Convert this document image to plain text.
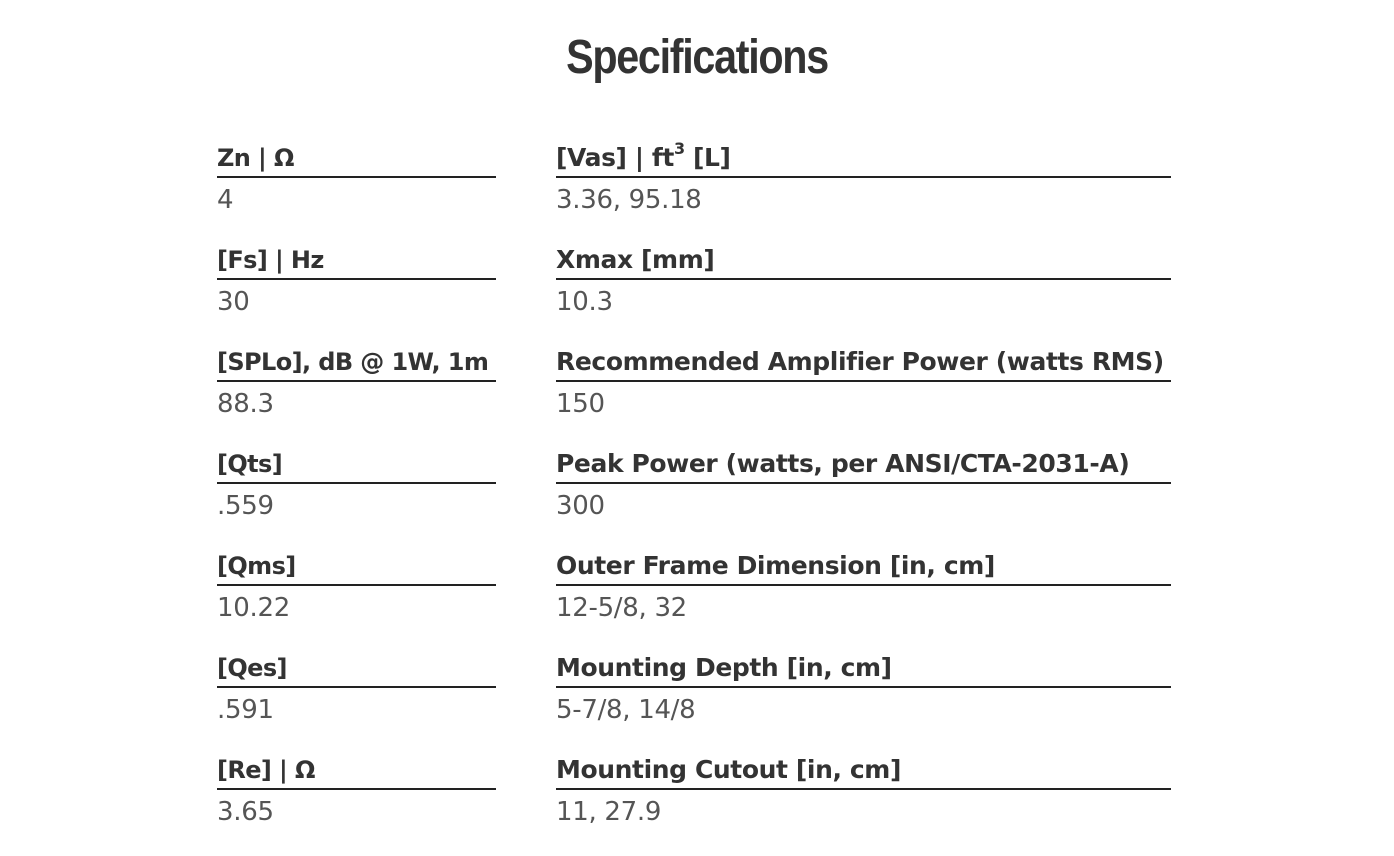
Specifications
Zn | Ω
4
[Fs] | Hz
30
[SPLo], dB @ 1W, 1m
88.3
[Qts]
.559
[Qms]
10.22
[Qes]
.591
[Re] | Ω
3.65
[Vas] | $ft^3$ [L]
3.36, 95.18
Xmax [mm]
10.3
Recommended Amplifier Power (watts RMS)
150
Peak Power (watts, per ANSI/CTA-2031-A)
300
Outer Frame Dimension [in, cm]
12-5/8, 32
Mounting Depth [in, cm]
5-7/8, 14/8
Mounting Cutout [in, cm]
11, 27.9
